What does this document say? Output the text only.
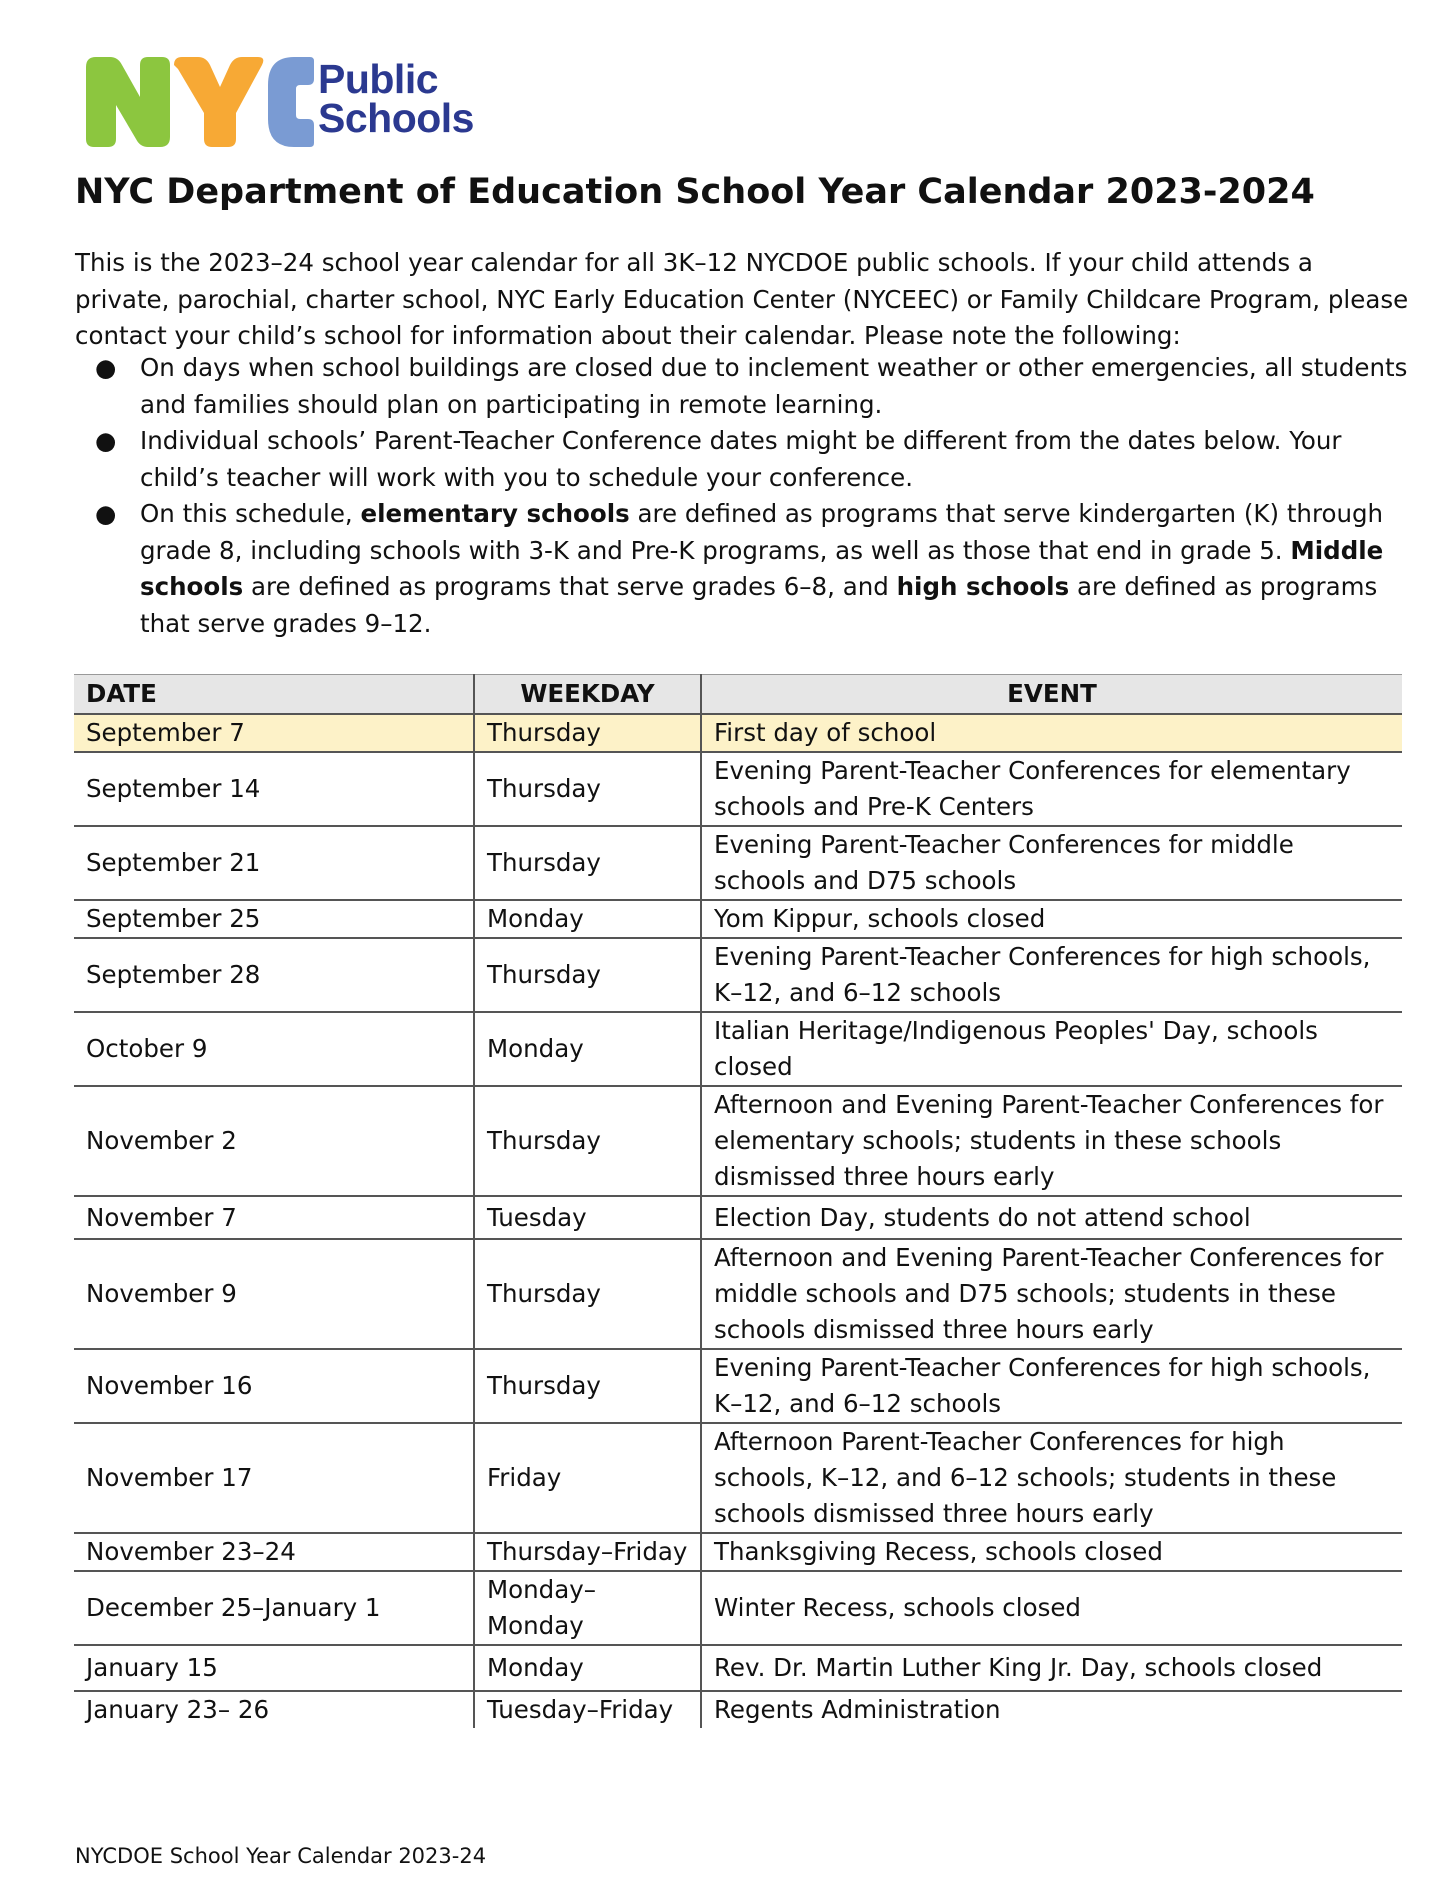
Public
Schools
NYC Department of Education School Year Calendar 2023-2024

This is the 2023–24 school year calendar for all 3K–12 NYCDOE public schools. If your child attends a private, parochial, charter school, NYC Early Education Center (NYCEEC) or Family Childcare Program, please contact your child’s school for information about their calendar. Please note the following:

● On days when school buildings are closed due to inclement weather or other emergencies, all students and families should plan on participating in remote learning.
● Individual schools’ Parent-Teacher Conference dates might be different from the dates below. Your child’s teacher will work with you to schedule your conference.
● On this schedule, elementary schools are defined as programs that serve kindergarten (K) through grade 8, including schools with 3-K and Pre-K programs, as well as those that end in grade 5. Middle schools are defined as programs that serve grades 6–8, and high schools are defined as programs that serve grades 9–12.
DATE	WEEKDAY	EVENT
September 7	Thursday	First day of school
September 14	Thursday	Evening Parent-Teacher Conferences for elementary schools and Pre-K Centers
September 21	Thursday	Evening Parent-Teacher Conferences for middle schools and D75 schools
September 25	Monday	Yom Kippur, schools closed
September 28	Thursday	Evening Parent-Teacher Conferences for high schools, K–12, and 6–12 schools
October 9	Monday	Italian Heritage/Indigenous Peoples' Day, schools closed
November 2	Thursday	Afternoon and Evening Parent-Teacher Conferences for elementary schools; students in these schools dismissed three hours early
November 7	Tuesday	Election Day, students do not attend school
November 9	Thursday	Afternoon and Evening Parent-Teacher Conferences for middle schools and D75 schools; students in these schools dismissed three hours early
November 16	Thursday	Evening Parent-Teacher Conferences for high schools, K–12, and 6–12 schools
November 17	Friday	Afternoon Parent-Teacher Conferences for high schools, K–12, and 6–12 schools; students in these schools dismissed three hours early
November 23–24	Thursday–Friday	Thanksgiving Recess, schools closed
December 25–January 1	Monday–Monday	Winter Recess, schools closed
January 15	Monday	Rev. Dr. Martin Luther King Jr. Day, schools closed
January 23– 26	Tuesday–Friday	Regents Administration
NYCDOE School Year Calendar 2023-24
